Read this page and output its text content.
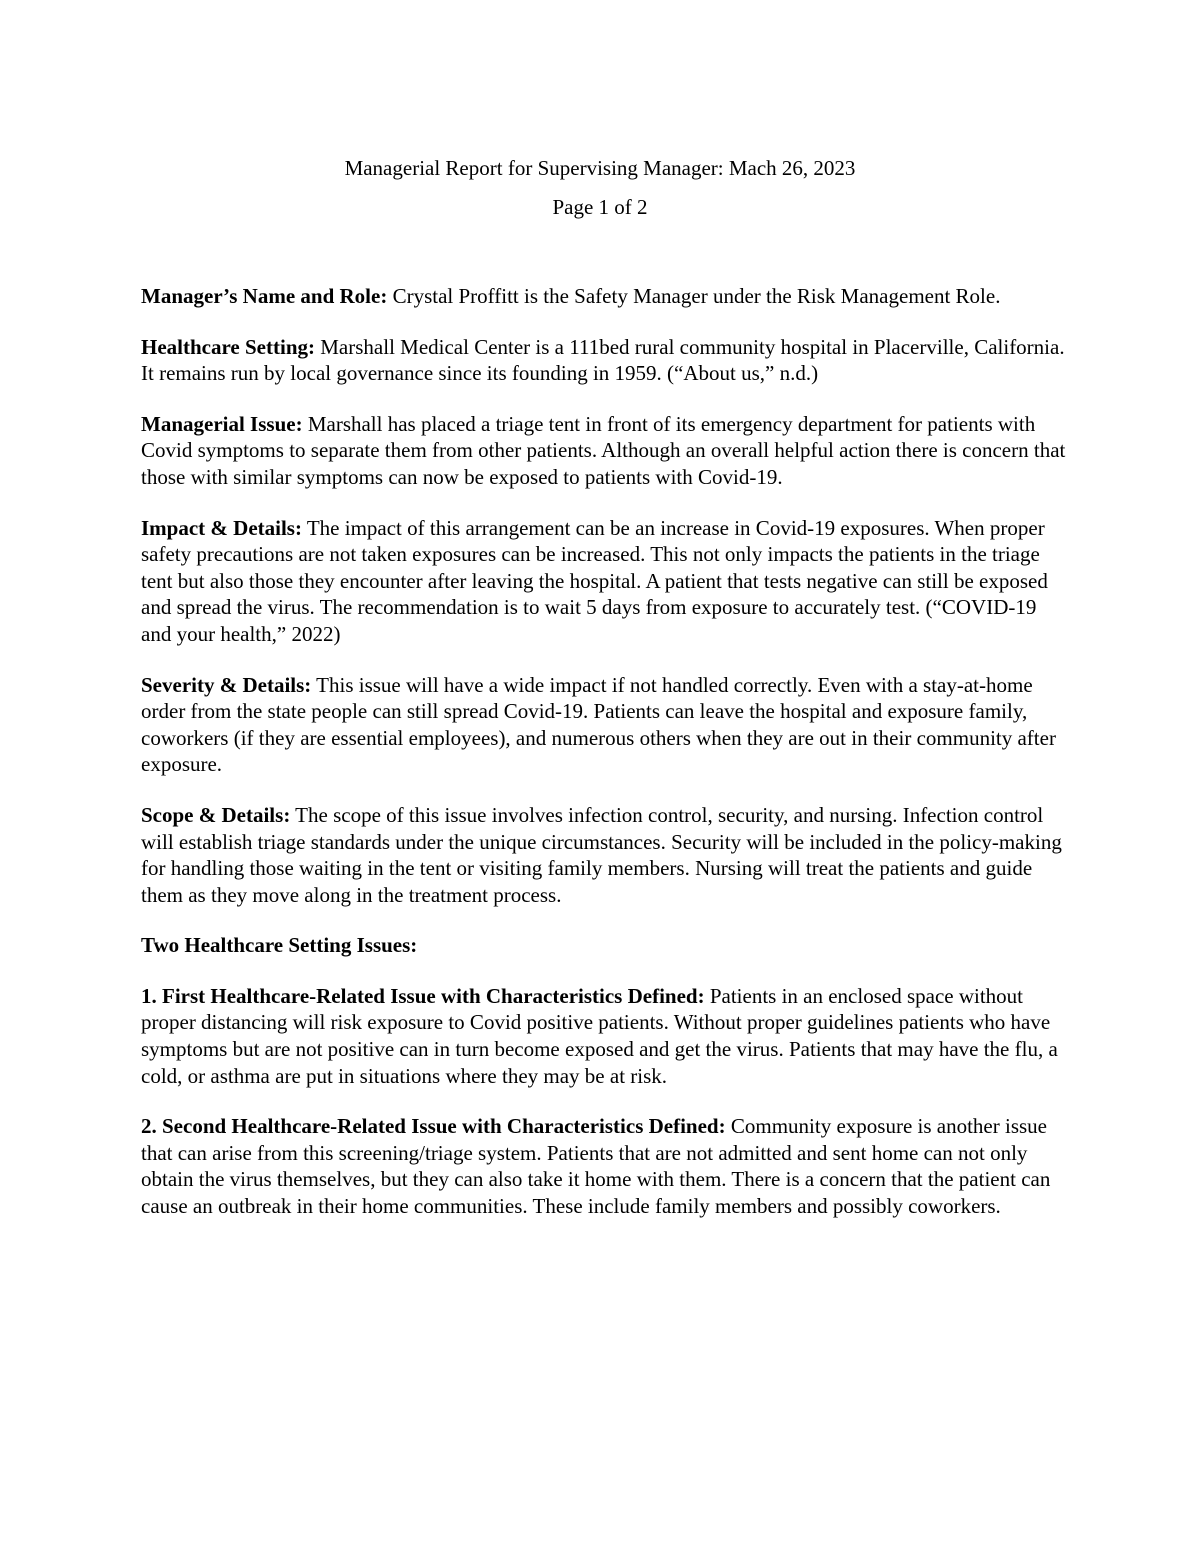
Managerial Report for Supervising Manager: Mach 26, 2023
Page 1 of 2

Manager’s Name and Role: Crystal Proffitt is the Safety Manager under the Risk Management Role.

Healthcare Setting: Marshall Medical Center is a 111bed rural community hospital in Placerville, California. It remains run by local governance since its founding in 1959. (“About us,” n.d.)

Managerial Issue: Marshall has placed a triage tent in front of its emergency department for patients with Covid symptoms to separate them from other patients. Although an overall helpful action there is concern that those with similar symptoms can now be exposed to patients with Covid-19.

Impact & Details: The impact of this arrangement can be an increase in Covid-19 exposures. When proper safety precautions are not taken exposures can be increased. This not only impacts the patients in the triage tent but also those they encounter after leaving the hospital. A patient that tests negative can still be exposed and spread the virus. The recommendation is to wait 5 days from exposure to accurately test. (“COVID-19 and your health,” 2022)

Severity & Details: This issue will have a wide impact if not handled correctly. Even with a stay-at-home order from the state people can still spread Covid-19. Patients can leave the hospital and exposure family, coworkers (if they are essential employees), and numerous others when they are out in their community after exposure.

Scope & Details: The scope of this issue involves infection control, security, and nursing. Infection control will establish triage standards under the unique circumstances. Security will be included in the policy-making for handling those waiting in the tent or visiting family members. Nursing will treat the patients and guide them as they move along in the treatment process.

Two Healthcare Setting Issues:

1. First Healthcare-Related Issue with Characteristics Defined: Patients in an enclosed space without proper distancing will risk exposure to Covid positive patients. Without proper guidelines patients who have symptoms but are not positive can in turn become exposed and get the virus. Patients that may have the flu, a cold, or asthma are put in situations where they may be at risk.

2. Second Healthcare-Related Issue with Characteristics Defined: Community exposure is another issue that can arise from this screening/triage system. Patients that are not admitted and sent home can not only obtain the virus themselves, but they can also take it home with them. There is a concern that the patient can cause an outbreak in their home communities. These include family members and possibly coworkers.
